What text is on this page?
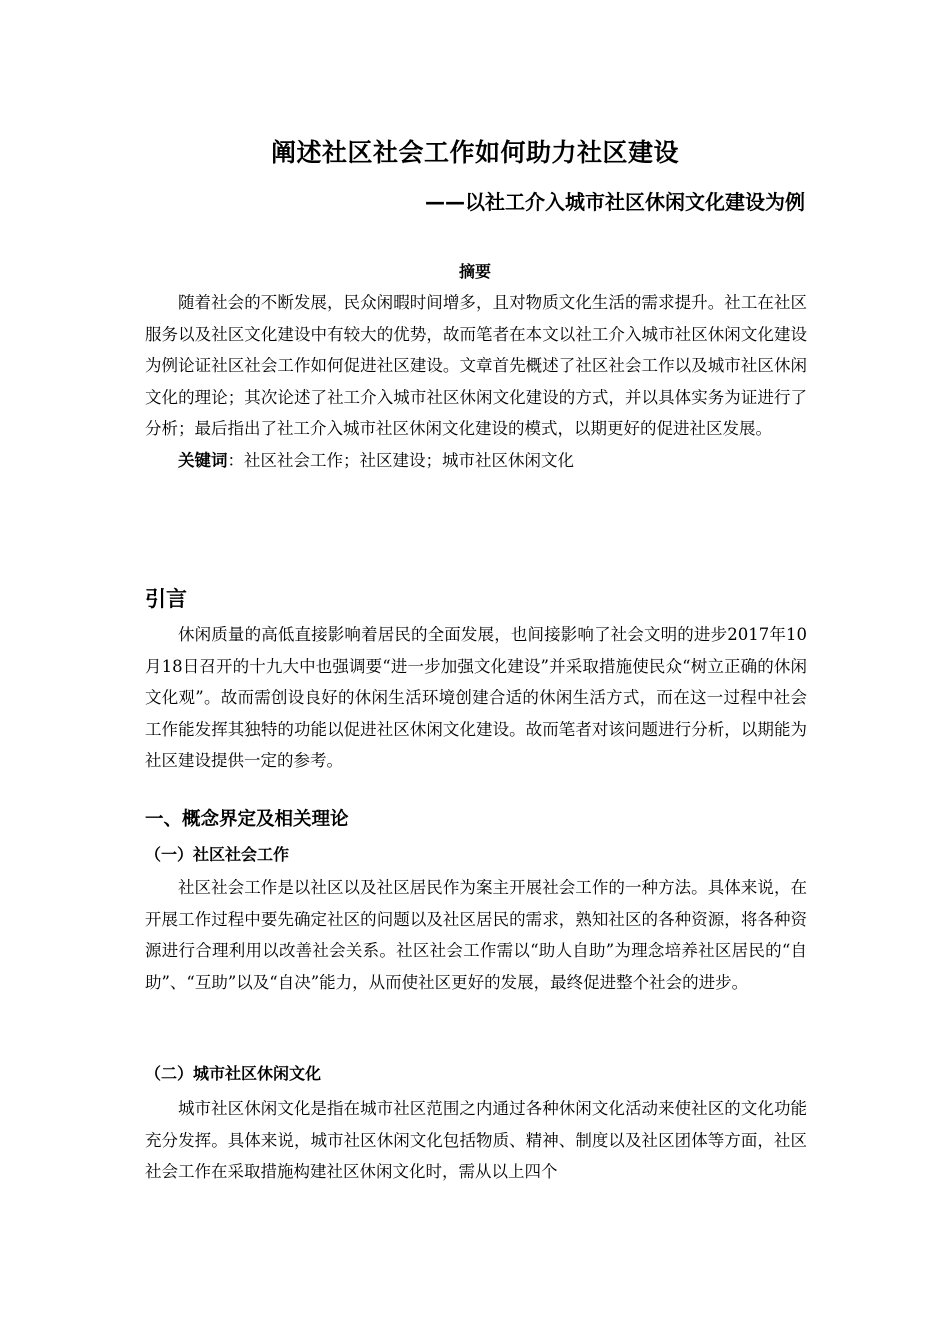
阐述社区社会工作如何助力社区建设
——以社工介入城市社区休闲文化建设为例
摘要

随着社会的不断发展，民众闲暇时间增多，且对物质文化生活的需求提升。社工在社区服务以及社区文化建设中有较大的优势，故而笔者在本文以社工介入城市社区休闲文化建设为例论证社区社会工作如何促进社区建设。文章首先概述了社区社会工作以及城市社区休闲文化的理论；其次论述了社工介入城市社区休闲文化建设的方式，并以具体实务为证进行了分析；最后指出了社工介入城市社区休闲文化建设的模式，以期更好的促进社区发展。

关键词：社区社会工作；社区建设；城市社区休闲文化

引言

休闲质量的高低直接影响着居民的全面发展，也间接影响了社会文明的进步2017年10月18日召开的十九大中也强调要“进一步加强文化建设”并采取措施使民众“树立正确的休闲文化观”。故而需创设良好的休闲生活环境创建合适的休闲生活方式，而在这一过程中社会工作能发挥其独特的功能以促进社区休闲文化建设。故而笔者对该问题进行分析，以期能为社区建设提供一定的参考。

一、概念界定及相关理论
（一）社区社会工作

社区社会工作是以社区以及社区居民作为案主开展社会工作的一种方法。具体来说，在开展工作过程中要先确定社区的问题以及社区居民的需求，熟知社区的各种资源，将各种资源进行合理利用以改善社会关系。社区社会工作需以“助人自助”为理念培养社区居民的“自助”、“互助”以及“自决”能力，从而使社区更好的发展，最终促进整个社会的进步。

（二）城市社区休闲文化

城市社区休闲文化是指在城市社区范围之内通过各种休闲文化活动来使社区的文化功能充分发挥。具体来说，城市社区休闲文化包括物质、精神、制度以及社区团体等方面，社区社会工作在采取措施构建社区休闲文化时，需从以上四个
